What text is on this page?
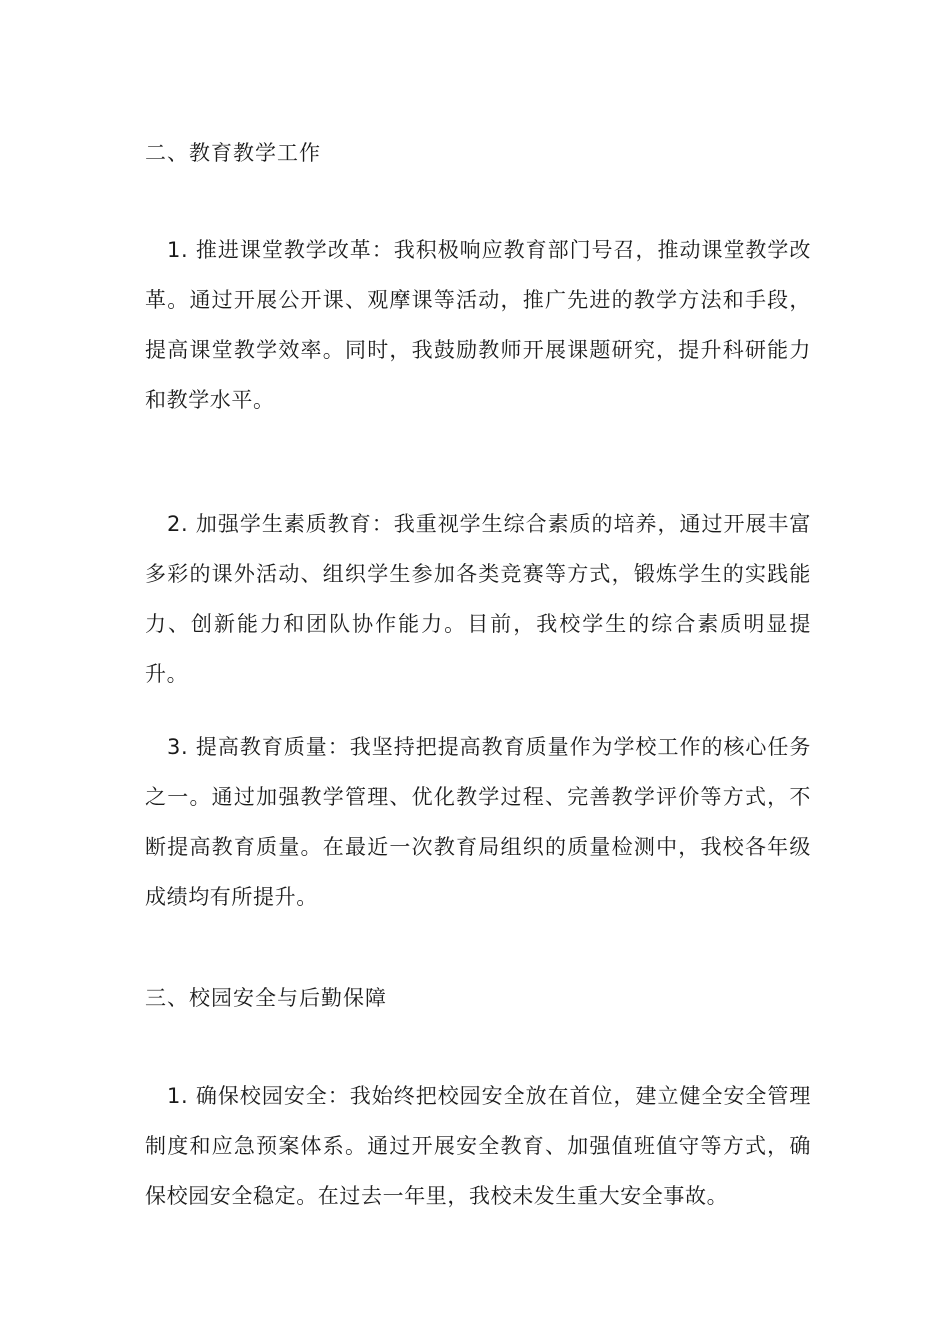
二、教育教学工作

1. 推进课堂教学改革：我积极响应教育部门号召，推动课堂教学改革。通过开展公开课、观摩课等活动，推广先进的教学方法和手段，提高课堂教学效率。同时，我鼓励教师开展课题研究，提升科研能力和教学水平。

2. 加强学生素质教育：我重视学生综合素质的培养，通过开展丰富多彩的课外活动、组织学生参加各类竞赛等方式，锻炼学生的实践能力、创新能力和团队协作能力。目前，我校学生的综合素质明显提升。

3. 提高教育质量：我坚持把提高教育质量作为学校工作的核心任务之一。通过加强教学管理、优化教学过程、完善教学评价等方式，不断提高教育质量。在最近一次教育局组织的质量检测中，我校各年级成绩均有所提升。

三、校园安全与后勤保障

1. 确保校园安全：我始终把校园安全放在首位，建立健全安全管理制度和应急预案体系。通过开展安全教育、加强值班值守等方式，确保校园安全稳定。在过去一年里，我校未发生重大安全事故。
